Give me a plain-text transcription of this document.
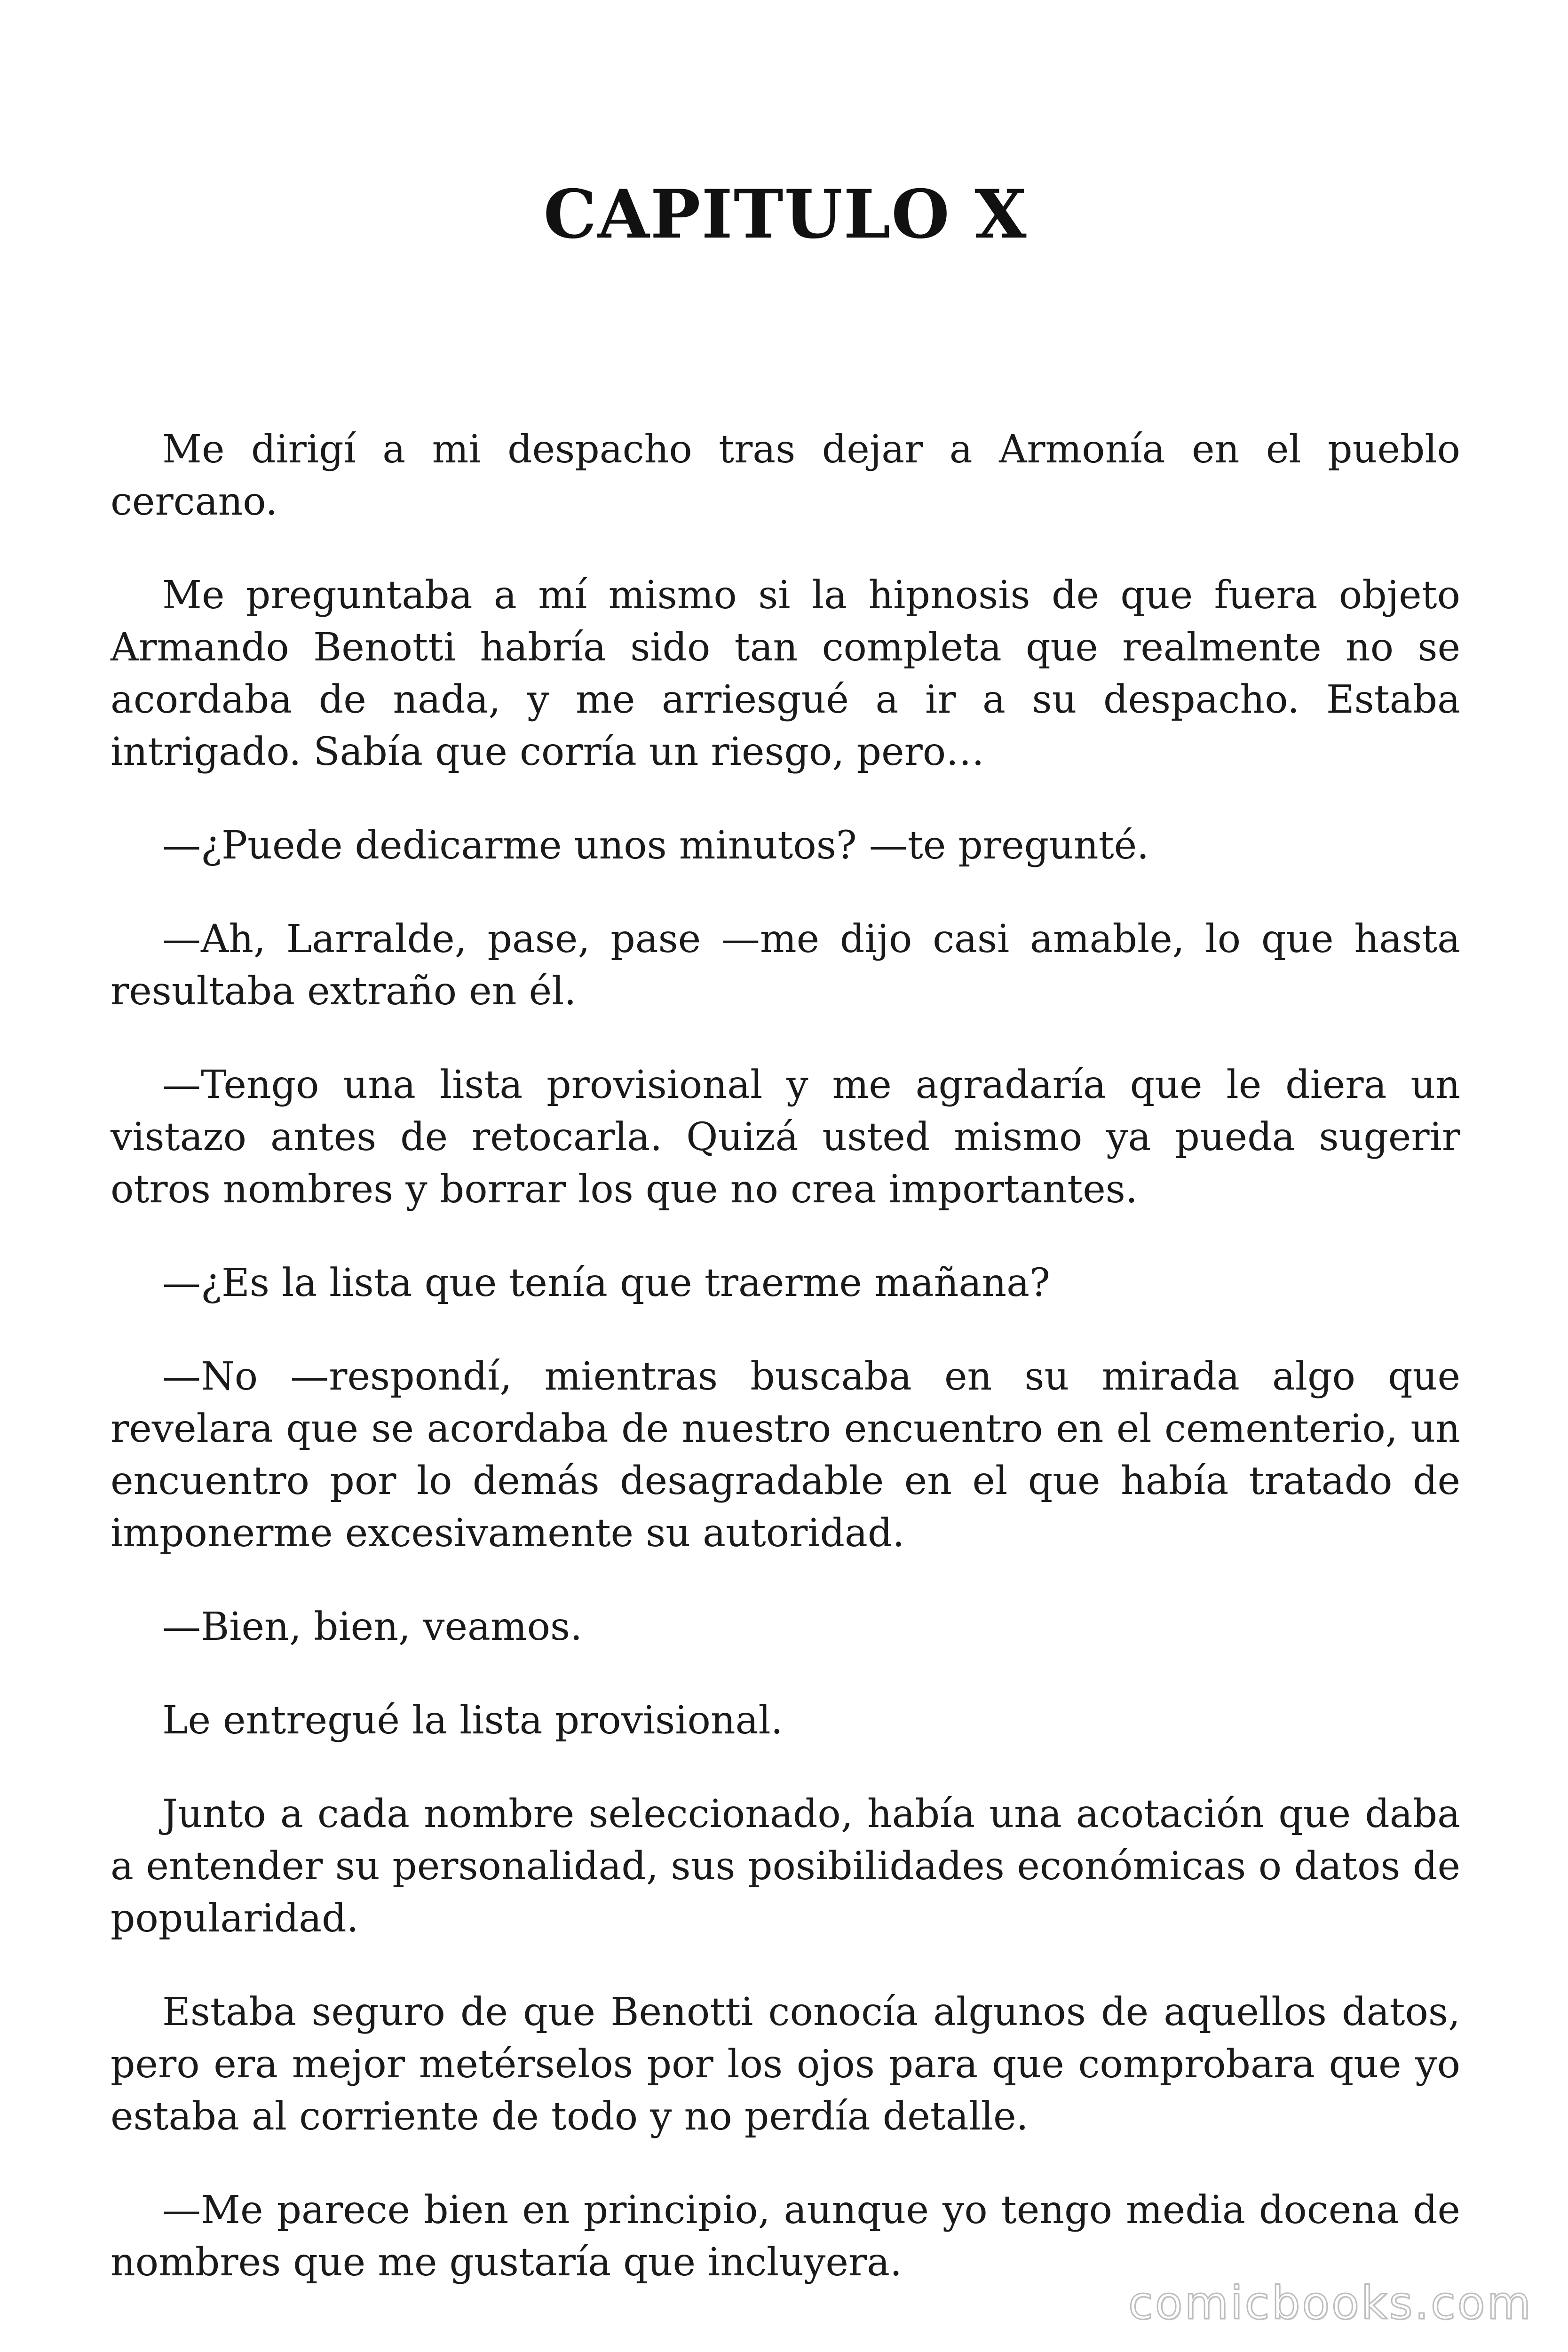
CAPITULO X

Me dirigí a mi despacho tras dejar a Armonía en el pueblo cercano.

Me preguntaba a mí mismo si la hipnosis de que fuera objeto Armando Benotti habría sido tan completa que realmente no se acordaba de nada, y me arriesgué a ir a su despacho. Estaba intrigado. Sabía que corría un riesgo, pero…

—¿Puede dedicarme unos minutos? —te pregunté.

—Ah, Larralde, pase, pase —me dijo casi amable, lo que hasta resultaba extraño en él.

—Tengo una lista provisional y me agradaría que le diera un vistazo antes de retocarla. Quizá usted mismo ya pueda sugerir otros nombres y borrar los que no crea importantes.

—¿Es la lista que tenía que traerme mañana?

—No —respondí, mientras buscaba en su mirada algo que revelara que se acordaba de nuestro encuentro en el cementerio, un encuentro por lo demás desagradable en el que había tratado de imponerme excesivamente su autoridad.

—Bien, bien, veamos.

Le entregué la lista provisional.

Junto a cada nombre seleccionado, había una acotación que daba a entender su personalidad, sus posibilidades económicas o datos de popularidad.

Estaba seguro de que Benotti conocía algunos de aquellos datos, pero era mejor metérselos por los ojos para que comprobara que yo estaba al corriente de todo y no perdía detalle.

—Me parece bien en principio, aunque yo tengo media docena de nombres que me gustaría que incluyera.

comicbooks.com
